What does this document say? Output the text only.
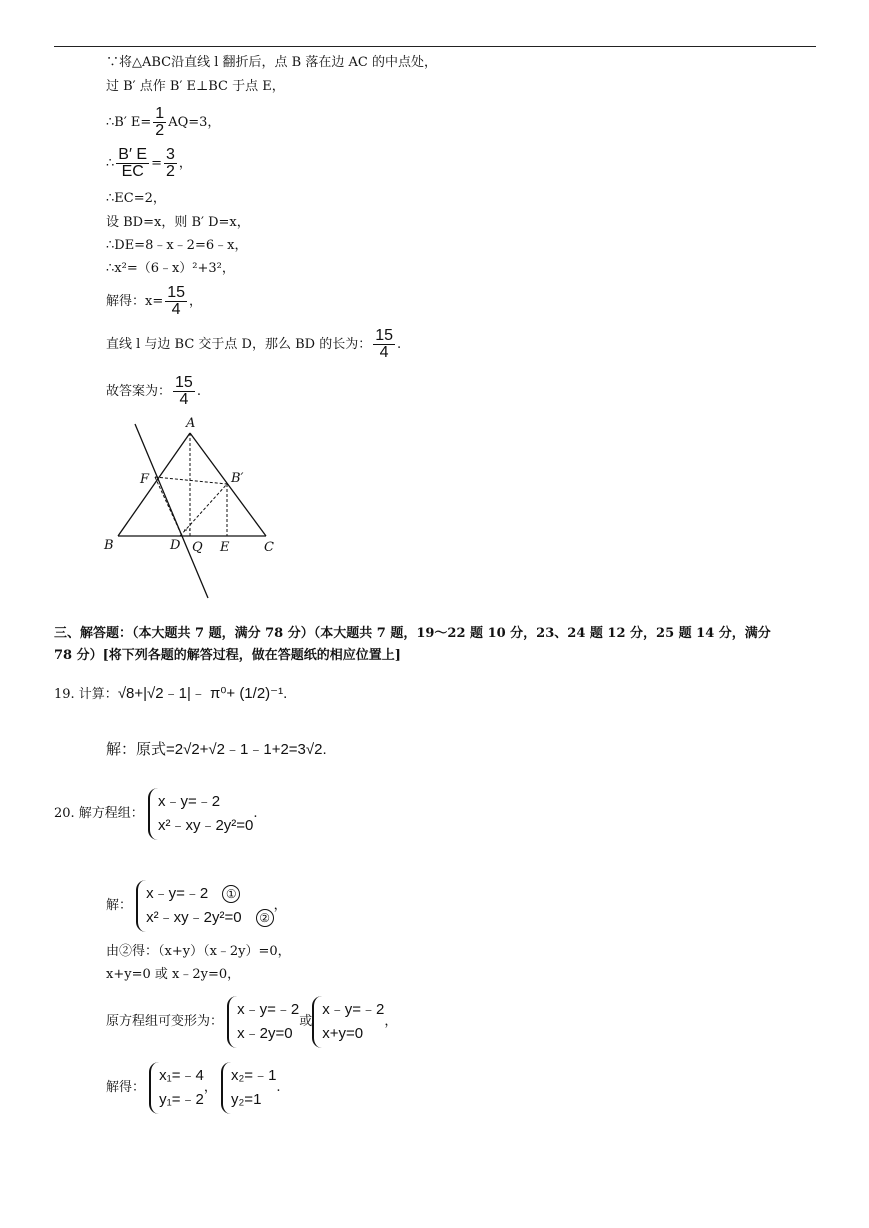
∵将△ABC沿直线 l 翻折后，点 B 落在边 AC 的中点处，
过 B′ 点作 B′ E⊥BC 于点 E，
∴B′ $E= \frac{1}{2} AQ=3$，
∴ $\frac{B' E}{EC} = \frac{3}{2}$ ，
∴EC=2，
设 BD=x，则 B′ D=x，
∴DE=8﹣x﹣2=6﹣x，
∴x²=（6﹣x）²+3²，
解得：$x= \frac{15}{4}$ ，
直线 l 与边 BC 交于点 D，那么 BD 的长为： $\frac{15}{4}$ .
故答案为： $\frac{15}{4}$ .
A
F	B′
B	D Q E	C
三、解答题：（本大题共 7 题，满分 78 分）（本大题共 7 题，19～22 题 10 分，23、24 题 12 分，25 题 14 分，满分
78 分）[将下列各题的解答过程，做在答题纸的相应位置上]
19. 计算：√8+|√2﹣1|﹣ π⁰+ (1/2)⁻¹.
解：原式=2√2+√2﹣1﹣1+2=3√2.
20. 解方程组：
x﹣y=﹣2
x²﹣xy﹣2y²=0
.
解：
x﹣y=﹣2 ①
x²﹣xy﹣2y²=0 ②
，
由②得：（x+y）（x﹣2y）=0，
x+y=0 或 x﹣2y=0，
原方程组可变形为：
x﹣y=﹣2
x﹣2y=0
或
x﹣y=﹣2
x+y=0
，
解得：
x₁=﹣4
y₁=﹣2
，
x₂=﹣1
y₂=1
.
